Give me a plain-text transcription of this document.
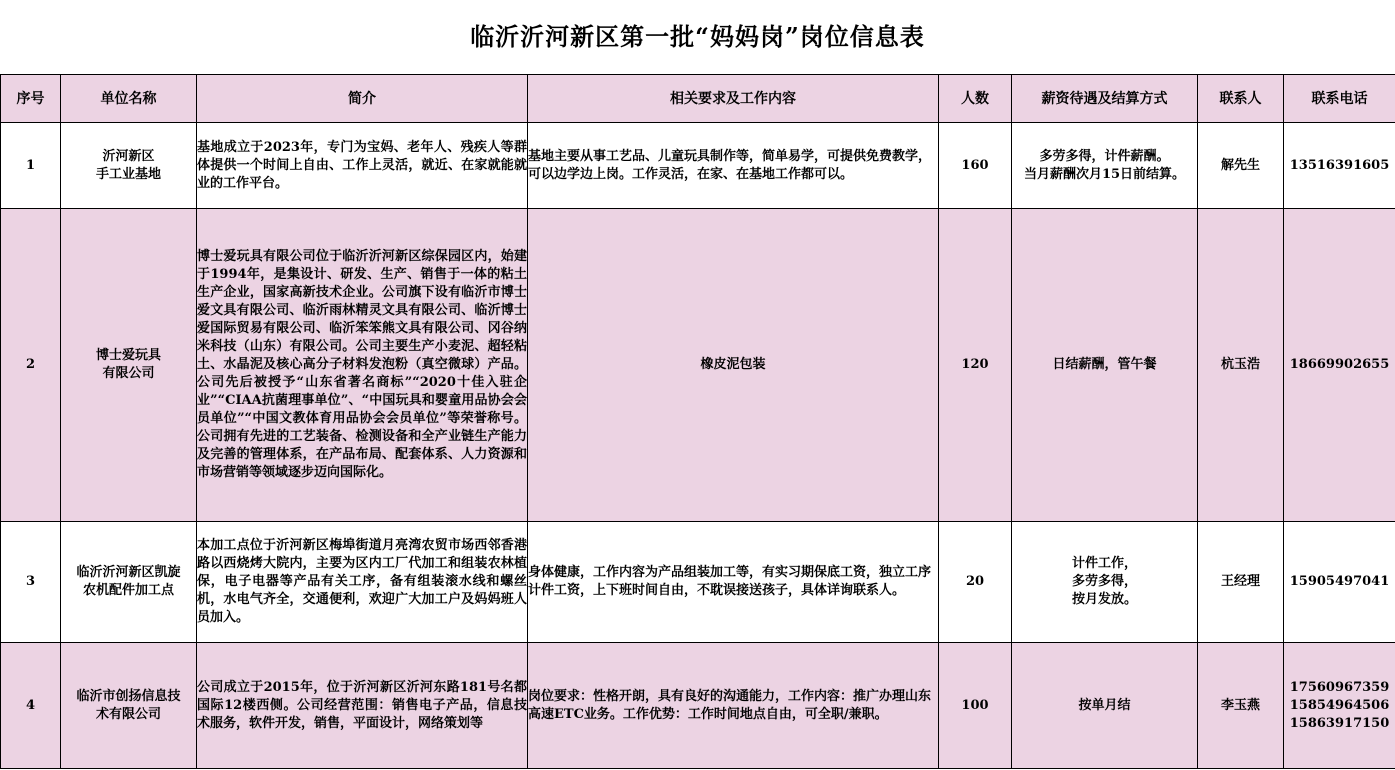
临沂沂河新区第一批“妈妈岗”岗位信息表
序号	单位名称	简介	相关要求及工作内容	人数	薪资待遇及结算方式	联系人	联系电话

1	沂河新区
手工业基地	基地成立于2023年，专门为宝妈、老年人、残疾人等群体提供一个时间上自由、工作上灵活，就近、在家就能就业的工作平台。	基地主要从事工艺品、儿童玩具制作等，简单易学，可提供免费教学，可以边学边上岗。工作灵活，在家、在基地工作都可以。	160	多劳多得，计件薪酬。
当月薪酬次月15日前结算。	解先生	13516391605

2	博士爱玩具
有限公司	博士爱玩具有限公司位于临沂沂河新区综保园区内，始建于1994年，是集设计、研发、生产、销售于一体的粘土生产企业，国家高新技术企业。公司旗下设有临沂市博士爱文具有限公司、临沂雨林精灵文具有限公司、临沂博士爱国际贸易有限公司、临沂笨笨熊文具有限公司、冈谷纳米科技（山东）有限公司。公司主要生产小麦泥、超轻粘土、水晶泥及核心高分子材料发泡粉（真空微球）产品。公司先后被授予“山东省著名商标”“2020十佳入驻企业”“CIAA抗菌理事单位”、“中国玩具和婴童用品协会会员单位”“中国文教体育用品协会会员单位”等荣誉称号。公司拥有先进的工艺装备、检测设备和全产业链生产能力及完善的管理体系，在产品布局、配套体系、人力资源和市场营销等领域逐步迈向国际化。	橡皮泥包装	120	日结薪酬，管午餐	杭玉浩	18669902655

3	临沂沂河新区凯旋
农机配件加工点	本加工点位于沂河新区梅埠街道月亮湾农贸市场西邻香港路以西烧烤大院内，主要为区内工厂代加工和组装农林植保，电子电器等产品有关工序，备有组装滚水线和螺丝机，水电气齐全，交通便利，欢迎广大加工户及妈妈班人员加入。	身体健康，工作内容为产品组装加工等，有实习期保底工资，独立工序计件工资，上下班时间自由，不耽误接送孩子，具体详询联系人。	20	计件工作，
多劳多得，
按月发放。	王经理	15905497041

4	临沂市创扬信息技
术有限公司	公司成立于2015年，位于沂河新区沂河东路181号名都国际12楼西侧。公司经营范围：销售电子产品，信息技术服务，软件开发，销售，平面设计，网络策划等	岗位要求：性格开朗，具有良好的沟通能力，工作内容：推广办理山东高速ETC业务。工作优势：工作时间地点自由，可全职/兼职。	100	按单月结	李玉燕	17560967359
15854964506
15863917150
